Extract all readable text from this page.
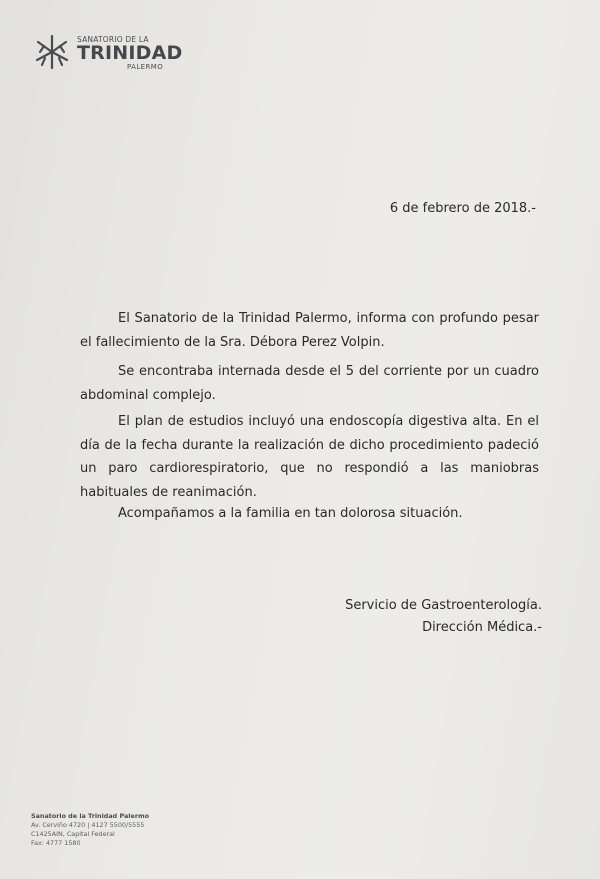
SANATORIO DE LA
TRINIDAD
PALERMO
6 de febrero de 2018.-
El Sanatorio de la Trinidad Palermo, informa con profundo pesar el fallecimiento de la Sra. Débora Perez Volpin.
Se encontraba internada desde el 5 del corriente por un cuadro abdominal complejo.
El plan de estudios incluyó una endoscopía digestiva alta. En el día de la fecha durante la realización de dicho procedimiento padeció un paro cardiorespiratorio, que no respondió a las maniobras habituales de reanimación.
Acompañamos a la familia en tan dolorosa situación.
Servicio de Gastroenterología.
Dirección Médica.-
Sanatorio de la Trinidad Palermo
Av. Cerviño 4720 | 4127 5500/5555
C1425AIN, Capital Federal
Fax: 4777 1580
